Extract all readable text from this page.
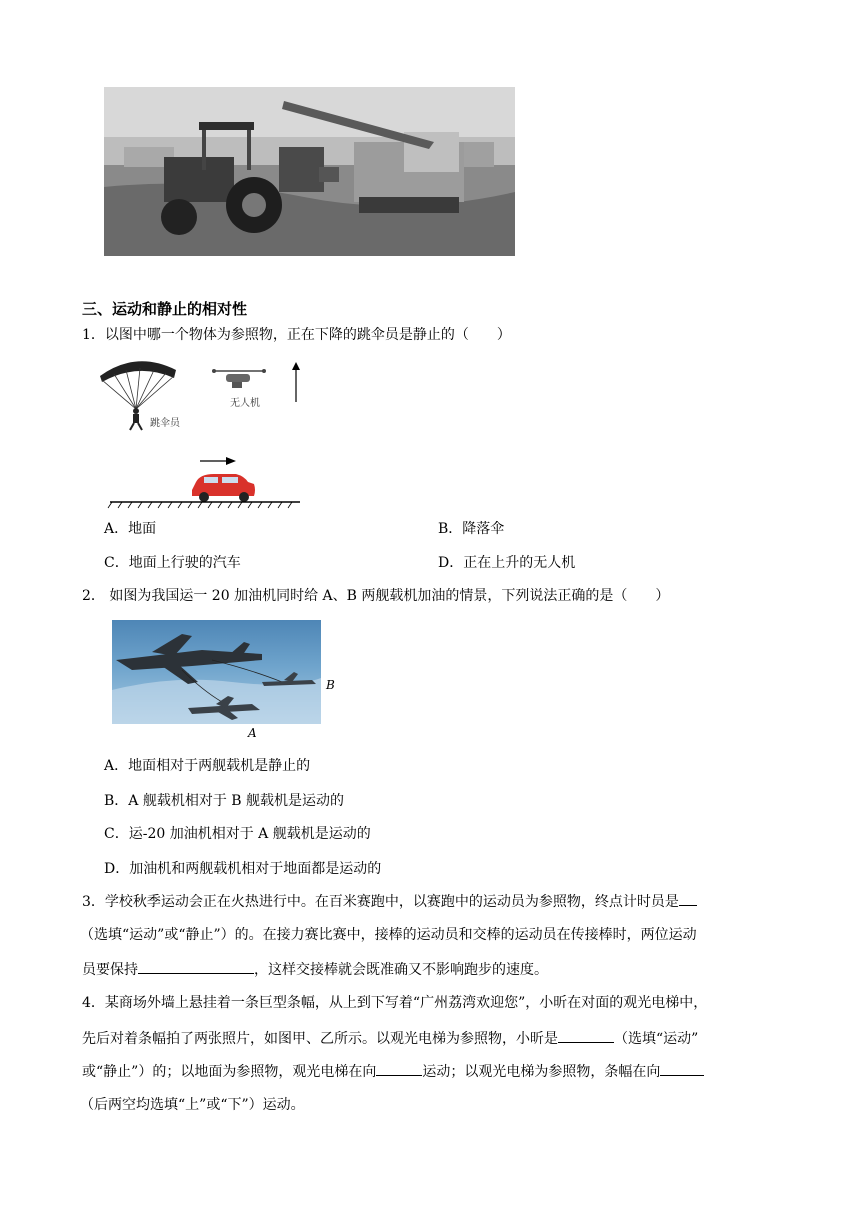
三、运动和静止的相对性
1．以图中哪一个物体为参照物，正在下降的跳伞员是静止的（　　）
跳伞员
无人机
A．地面	B．降落伞
C．地面上行驶的汽车	D．正在上升的无人机
2． 如图为我国运一 20 加油机同时给 A、B 两舰载机加油的情景，下列说法正确的是（　　）
B
A
A．地面相对于两舰载机是静止的
B．A 舰载机相对于 B 舰载机是运动的
C．运-20 加油机相对于 A 舰载机是运动的
D．加油机和两舰载机相对于地面都是运动的
3．学校秋季运动会正在火热进行中。在百米赛跑中，以赛跑中的运动员为参照物，终点计时员是
（选填“运动”或“静止”）的。在接力赛比赛中，接棒的运动员和交棒的运动员在传接棒时，两位运动
员要保持	，这样交接棒就会既准确又不影响跑步的速度。
4．某商场外墙上悬挂着一条巨型条幅，从上到下写着“广州荔湾欢迎您”，小昕在对面的观光电梯中，
先后对着条幅拍了两张照片，如图甲、乙所示。以观光电梯为参照物，小昕是	（选填“运动”
或“静止”）的；以地面为参照物，观光电梯在向	运动；以观光电梯为参照物，条幅在向
（后两空均选填“上”或“下”）运动。
